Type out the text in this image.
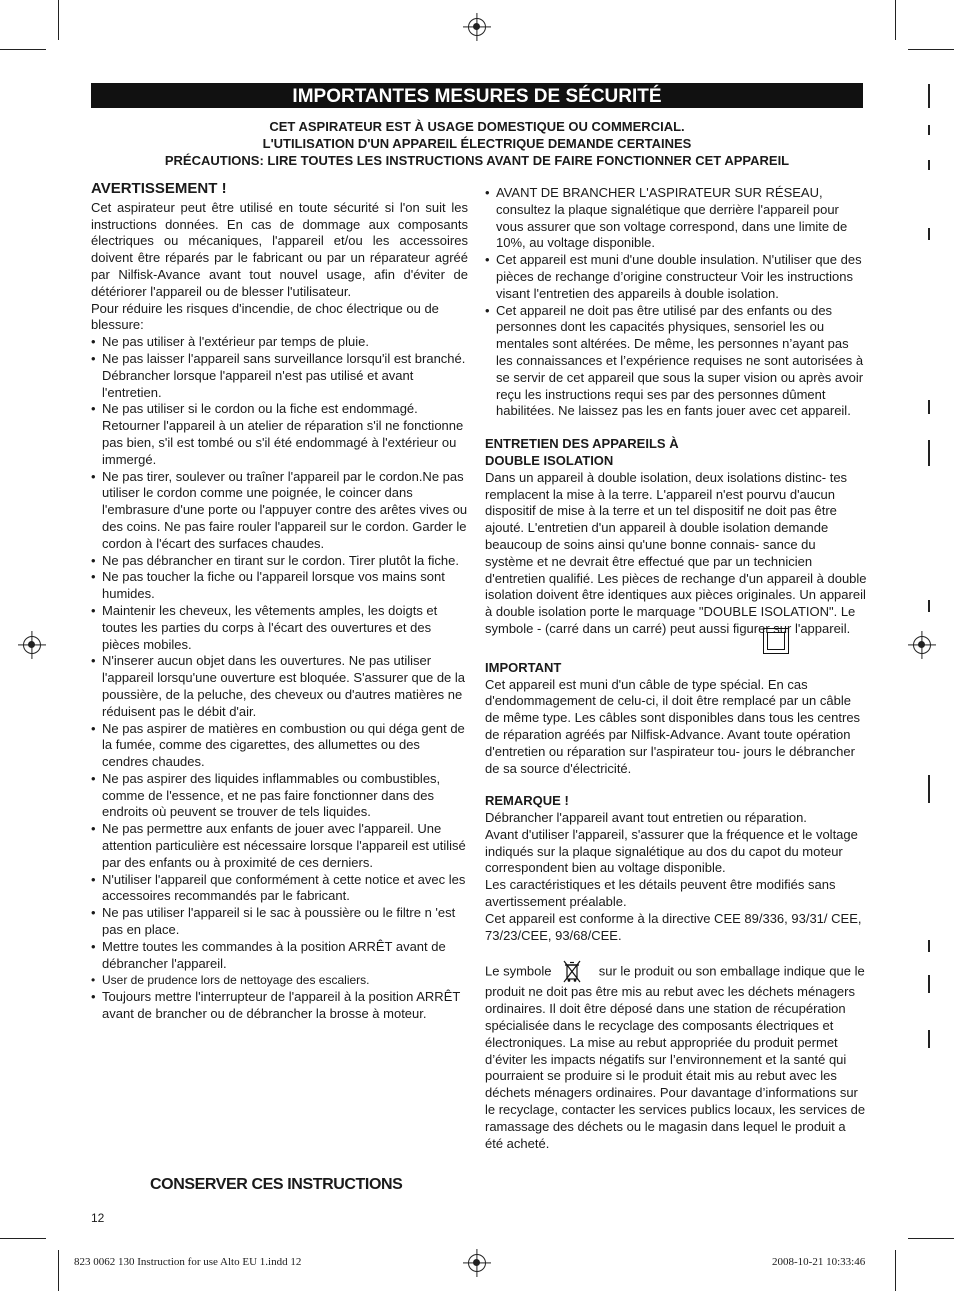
IMPORTANTES MESURES DE SÉCURITÉ
CET ASPIRATEUR EST À USAGE DOMESTIQUE OU COMMERCIAL.
L'UTILISATION D'UN APPAREIL ÉLECTRIQUE DEMANDE CERTAINES
PRÉCAUTIONS: LIRE TOUTES LES INSTRUCTIONS AVANT DE FAIRE FONCTIONNER CET APPAREIL
AVERTISSEMENT !

Cet aspirateur peut être utilisé en toute sécurité si l'on suit les instructions données. En cas de dommage aux composants électriques ou mécaniques, l'appareil et/ou les accessoires doivent être réparés par le fabricant ou par un réparateur agréé par Nilfisk-Avance avant tout nouvel usage, afin d'éviter de détériorer l'appareil ou de blesser l'utilisateur.

Pour réduire les risques d'incendie, de choc électrique ou de blessure:

• Ne pas utiliser à l'extérieur par temps de pluie.
• Ne pas laisser l'appareil sans surveillance lorsqu'il est branché. Débrancher lorsque l'appareil n'est pas utilisé et avant l'entretien.
• Ne pas utiliser si le cordon ou la fiche est endommagé. Retourner l'appareil à un atelier de réparation s'il ne fonctionne pas bien, s'il est tombé ou s'il été endommagé à l'extérieur ou immergé.
• Ne pas tirer, soulever ou traîner l'appareil par le cordon.Ne pas utiliser le cordon comme une poignée, le coincer dans l'embrasure d'une porte ou l'appuyer contre des arêtes vives ou des coins. Ne pas faire rouler l'appareil sur le cordon. Garder le cordon à l'écart des surfaces chaudes.
• Ne pas débrancher en tirant sur le cordon. Tirer plutôt la fiche.
• Ne pas toucher la fiche ou l'appareil lorsque vos mains sont humides.
• Maintenir les cheveux, les vêtements amples, les doigts et toutes les parties du corps à l'écart des ouvertures et des pièces mobiles.
• N'inserer aucun objet dans les ouvertures. Ne pas utiliser l'appareil lorsqu'une ouverture est bloquée. S'assurer que de la poussière, de la peluche, des cheveux ou d'autres matières ne réduisent pas le débit d'air.
• Ne pas aspirer de matières en combustion ou qui déga gent de la fumée, comme des cigarettes, des allumettes ou des cendres chaudes.
• Ne pas aspirer des liquides inflammables ou combustibles, comme de l'essence, et ne pas faire fonctionner dans des endroits où peuvent se trouver de tels liquides.
• Ne pas permettre aux enfants de jouer avec l'appareil. Une attention particulière est nécessaire lorsque l'appareil est utilisé par des enfants ou à proximité de ces derniers.
• N'utiliser l'appareil que conformément à cette notice et avec les accessoires recommandés par le fabricant.
• Ne pas utiliser l'appareil si le sac à poussière ou le filtre n 'est pas en place.
• Mettre toutes les commandes à la position ARRÊT avant de débrancher l'appareil.
• User de prudence lors de nettoyage des escaliers.
• Toujours mettre l'interrupteur de l'appareil à la position ARRÊT avant de brancher ou de débrancher la brosse à moteur.
• AVANT DE BRANCHER L'ASPIRATEUR SUR RÉSEAU, consultez la plaque signalétique que derrière l'appareil pour vous assurer que son voltage correspond, dans une limite de 10%, au voltage disponible.
• Cet appareil est muni d'une double insulation. N'utiliser que des pièces de rechange d’origine constructeur Voir les instructions visant l'entretien des appareils à double isolation.
• Cet appareil ne doit pas être utilisé par des enfants ou des personnes dont les capacités physiques, sensoriel les ou mentales sont altérées. De même, les personnes n’ayant pas les connaissances et l’expérience requises ne sont autorisées à se servir de cet appareil que sous la super vision ou après avoir reçu les instructions requi ses par des personnes dûment habilitées. Ne laissez pas les en fants jouer avec cet appareil.
ENTRETIEN DES APPAREILS À
DOUBLE ISOLATION

Dans un appareil à double isolation, deux isolations distinc- tes remplacent la mise à la terre. L'appareil n'est pourvu d'aucun dispositif de mise à la terre et un tel dispositif ne doit pas être ajouté. L'entretien d'un appareil à double isolation demande beaucoup de soins ainsi qu'une bonne connais- sance du système et ne devrait être effectué que par un technicien d'entretien qualifié. Les pièces de rechange d'un appareil à double isolation doivent être identiques aux pièces originales. Un appareil à double isolation porte le marquage "DOUBLE ISOLATION". Le symbole - (carré dans un carré) peut aussi figurer sur l'appareil.

IMPORTANT

Cet appareil est muni d'un câble de type spécial. En cas d'endommagement de celu-ci, il doit être remplacé par un câble de même type. Les câbles sont disponibles dans tous les centres de réparation agréés par Nilfisk-Advance. Avant toute opération d'entretien ou réparation sur l'aspirateur tou- jours le débrancher de sa source d'électricité.

REMARQUE !

Débrancher l'appareil avant tout entretien ou réparation.

Avant d'utiliser l'appareil, s'assurer que la fréquence et le voltage indiqués sur la plaque signalétique au dos du capot du moteur correspondent bien au voltage disponible.

Les caractéristiques et les détails peuvent être modifiés sans avertissement préalable.

Cet appareil est conforme à la directive CEE 89/336, 93/31/ CEE, 73/23/CEE, 93/68/CEE.

Le symbole	sur le produit ou son emballage indique que le produit ne doit pas être mis au rebut avec les déchets ménagers ordinaires. Il doit être déposé dans une station de récupération spécialisée dans le recyclage des composants électriques et électroniques. La mise au rebut appropriée du produit permet d’éviter les impacts négatifs sur l’environnement et la santé qui pourraient se produire si le produit était mis au rebut avec les déchets ménagers ordinaires. Pour davantage d’informations sur le recyclage, contacter les services publics locaux, les services de ramassage des déchets ou le magasin dans lequel le produit a été acheté.

CONSERVER CES INSTRUCTIONS
12
823 0062 130 Instruction for use Alto EU 1.indd 12	2008-10-21 10:33:46
